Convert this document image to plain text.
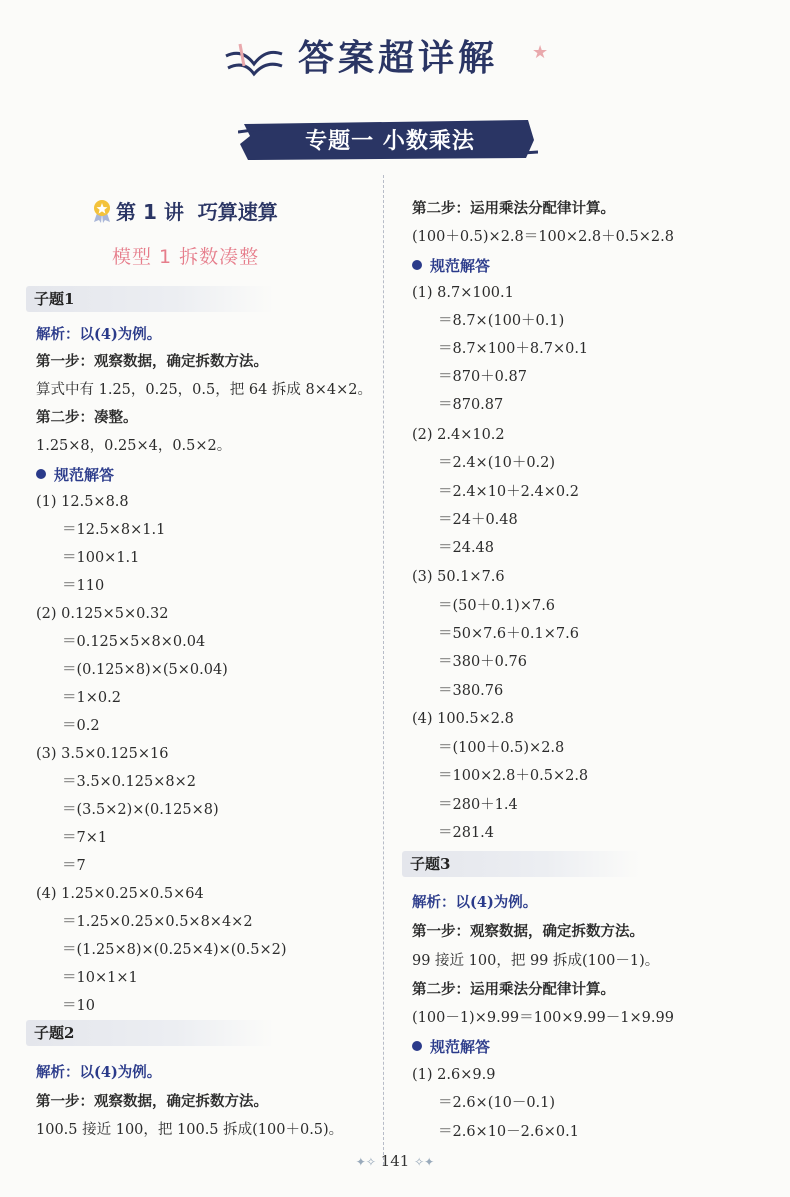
答案超详解 ★
专题一 小数乘法
第 1 讲 巧算速算
模型 1 拆数凑整
子题1
解析：以(4)为例。
第一步：观察数据，确定拆数方法。
算式中有 1.25，0.25，0.5，把 64 拆成 8×4×2。
第二步：凑整。
1.25×8，0.25×4，0.5×2。
规范解答
(1) 12.5×8.8
＝12.5×8×1.1
＝100×1.1
＝110
(2) 0.125×5×0.32
＝0.125×5×8×0.04
＝(0.125×8)×(5×0.04)
＝1×0.2
＝0.2
(3) 3.5×0.125×16
＝3.5×0.125×8×2
＝(3.5×2)×(0.125×8)
＝7×1
＝7
(4) 1.25×0.25×0.5×64
＝1.25×0.25×0.5×8×4×2
＝(1.25×8)×(0.25×4)×(0.5×2)
＝10×1×1
＝10
子题2
解析：以(4)为例。
第一步：观察数据，确定拆数方法。
100.5 接近 100，把 100.5 拆成(100＋0.5)。
第二步：运用乘法分配律计算。
(100＋0.5)×2.8＝100×2.8＋0.5×2.8
规范解答
(1) 8.7×100.1
＝8.7×(100＋0.1)
＝8.7×100＋8.7×0.1
＝870＋0.87
＝870.87
(2) 2.4×10.2
＝2.4×(10＋0.2)
＝2.4×10＋2.4×0.2
＝24＋0.48
＝24.48
(3) 50.1×7.6
＝(50＋0.1)×7.6
＝50×7.6＋0.1×7.6
＝380＋0.76
＝380.76
(4) 100.5×2.8
＝(100＋0.5)×2.8
＝100×2.8＋0.5×2.8
＝280＋1.4
＝281.4
子题3
解析：以(4)为例。
第一步：观察数据，确定拆数方法。
99 接近 100，把 99 拆成(100－1)。
第二步：运用乘法分配律计算。
(100－1)×9.99＝100×9.99－1×9.99
规范解答
(1) 2.6×9.9
＝2.6×(10－0.1)
＝2.6×10－2.6×0.1
✦✧ 141 ✧✦
